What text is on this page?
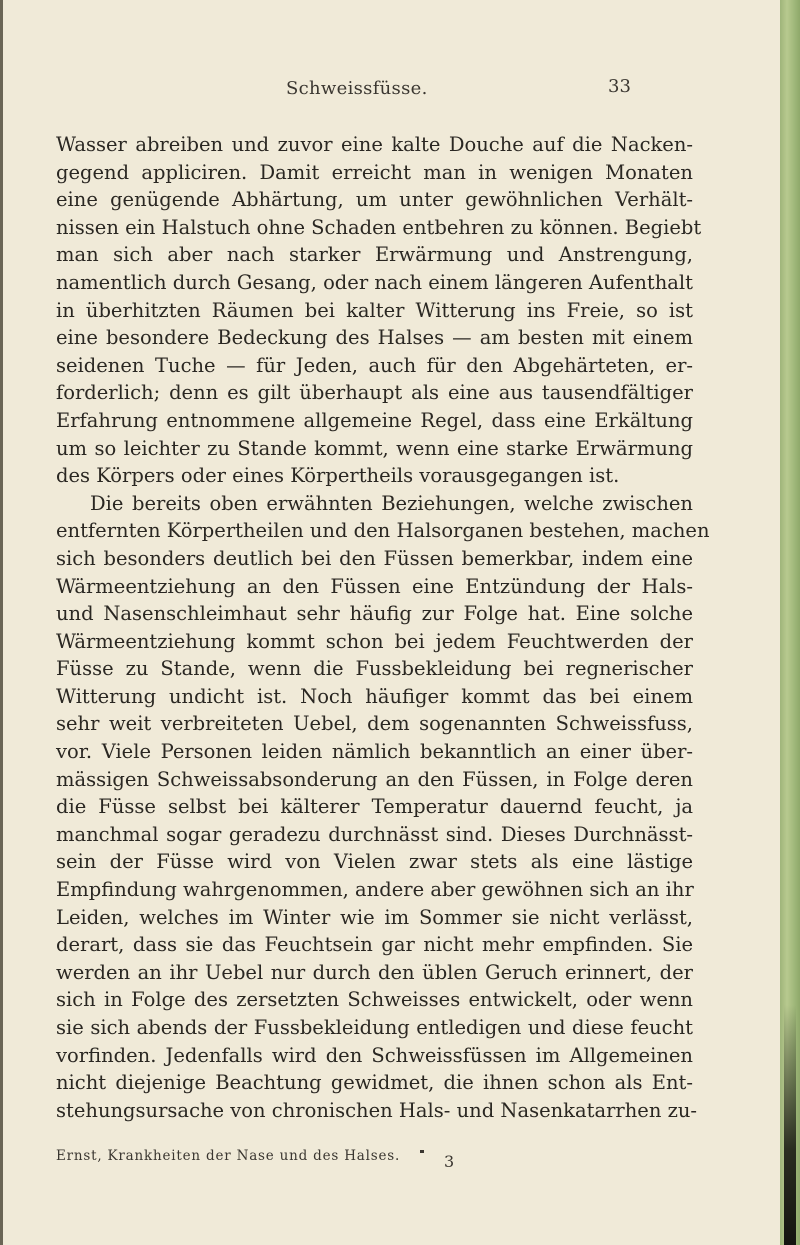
Schweissfüsse.	33
Wasser abreiben und zuvor eine kalte Douche auf die Nacken-
gegend appliciren. Damit erreicht man in wenigen Monaten
eine genügende Abhärtung, um unter gewöhnlichen Verhält-
nissen ein Halstuch ohne Schaden entbehren zu können. Begiebt
man sich aber nach starker Erwärmung und Anstrengung,
namentlich durch Gesang, oder nach einem längeren Aufenthalt
in überhitzten Räumen bei kalter Witterung ins Freie, so ist
eine besondere Bedeckung des Halses — am besten mit einem
seidenen Tuche — für Jeden, auch für den Abgehärteten, er-
forderlich; denn es gilt überhaupt als eine aus tausendfältiger
Erfahrung entnommene allgemeine Regel, dass eine Erkältung
um so leichter zu Stande kommt, wenn eine starke Erwärmung
des Körpers oder eines Körpertheils vorausgegangen ist.
Die bereits oben erwähnten Beziehungen, welche zwischen
entfernten Körpertheilen und den Halsorganen bestehen, machen
sich besonders deutlich bei den Füssen bemerkbar, indem eine
Wärmeentziehung an den Füssen eine Entzündung der Hals-
und Nasenschleimhaut sehr häufig zur Folge hat. Eine solche
Wärmeentziehung kommt schon bei jedem Feuchtwerden der
Füsse zu Stande, wenn die Fussbekleidung bei regnerischer
Witterung undicht ist. Noch häufiger kommt das bei einem
sehr weit verbreiteten Uebel, dem sogenannten Schweissfuss,
vor. Viele Personen leiden nämlich bekanntlich an einer über-
mässigen Schweissabsonderung an den Füssen, in Folge deren
die Füsse selbst bei kälterer Temperatur dauernd feucht, ja
manchmal sogar geradezu durchnässt sind. Dieses Durchnässt-
sein der Füsse wird von Vielen zwar stets als eine lästige
Empfindung wahrgenommen, andere aber gewöhnen sich an ihr
Leiden, welches im Winter wie im Sommer sie nicht verlässt,
derart, dass sie das Feuchtsein gar nicht mehr empfinden. Sie
werden an ihr Uebel nur durch den üblen Geruch erinnert, der
sich in Folge des zersetzten Schweisses entwickelt, oder wenn
sie sich abends der Fussbekleidung entledigen und diese feucht
vorfinden. Jedenfalls wird den Schweissfüssen im Allgemeinen
nicht diejenige Beachtung gewidmet, die ihnen schon als Ent-
stehungsursache von chronischen Hals- und Nasenkatarrhen zu-
Ernst, Krankheiten der Nase und des Halses.	3
